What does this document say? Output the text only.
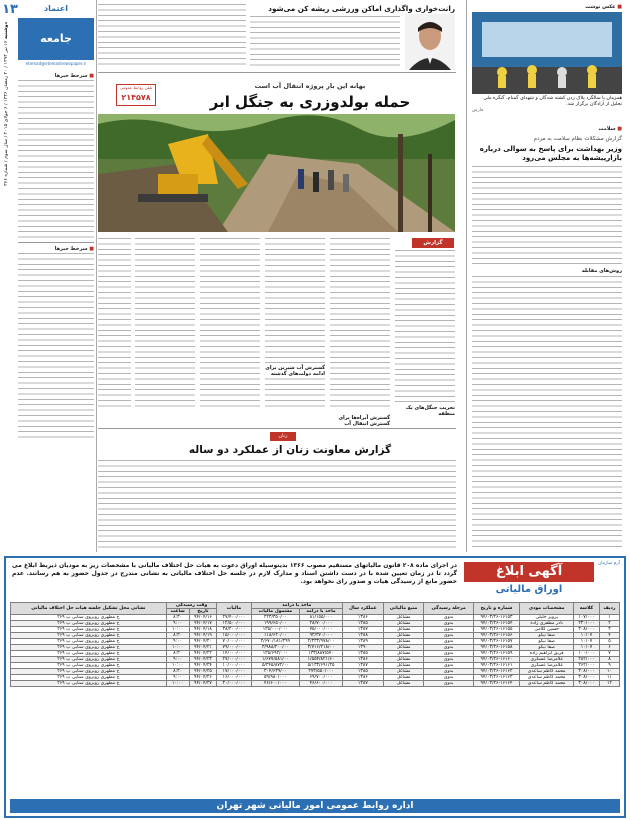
۱۳
دوشنبه ۱۶ تیر ۱۳۹۴ / ۲۰ رمضان ۱۴۳۶ / ۶ جولای ۲۰۱۵ / سال سوم / شماره ۳۶۶
اعتماد
جامعه
etemad@etemadnewspaper.ir
■ سرخط خبرها
■ سرخط خبرها
رانت‌خواری واگذاری اماکن ورزشی ریشه کن می‌شود
تلفن روابط عمومی
۲۱۴۵۷۸
بهانه این بار پروژه انتقال آب است
حمله بولدوزری به جنگل ابر
گزارش
تخریب جنگل‌های یک منطقه
گسترش آبراه‌ها برای گسترش انتقال آب
گسترش آب شیرین برای ادامه دولت‌های گذشته
زنان
گزارش معاونت زنان از عملکرد دو ساله
■ عکس نوشت
همزمان با سالگرد پلاک زدن کشته شدگان و شهدای گمنام، گنگره ملی تجلیل از آزادگان برگزار شد.
فارس
■ سلامت
گزارش مشکلات نظام سلامت به مردم
وزیر بهداشت برای پاسخ به سوالی درباره بازارپیشه‌ها به مجلس می‌رود
روش‌های مقابله
آرم سازمان
آگهی ابلاغ
اوراق مالیاتی
در اجرای ماده ۲۰۸ قانون مالیاتهای مستقیم مصوب ۱۳۶۶ بدینوسیله اوراق دعوت به هیات حل اختلاف مالیاتی با مشخصات زیر به مودیان ذیربط ابلاغ می گردد تا در زمان تعیین شده با در دست داشتن اسناد و مدارک لازم در جلسه حل اختلاف مالیاتی به نشانی مندرج در جدول حضور به هم رسانند. عدم حضور مانع از رسیدگی هیات و صدور رای نخواهد بود.
ردیف	کلاسه	مشخصات مودی	شماره و تاریخ	مرحله رسیدگی	منبع مالیاتی	عملکرد سال	ماخذ یا درآمد		مالیات	وقت رسیدگی		نشانی محل تشکیل جلسه هیات حل اختلاف مالیاتی
							ماخذ یا درآمد	مشمول مالیات		تاریخ	ساعت	
۱	۱۰۷/۰۰۰	پرویز خلیلی	۹۴/۰۳/۲۶-۱۶۱۵۳	بدوی	مشاغل	۱۳۸۶	۸۱/۱۵۵/۰۰۰	۲۲۳/۳۵۰/۰۰	۲۷/۴۰۰/۰۰۰	۹۴/۰۴/۱۶	۸:۳۰	خ مطهری روبروی سنایی پ ۲۶۹
۲	۲۳۰/۰۰۰	نادر مظفری زاده	۹۴/۰۳/۲۶-۱۶۱۵۴	بدوی	مشاغل	۱۳۸۵	۲۸/۷۰۰/۰۰۰	۱۹۹/۶۵۰/۰۰	۱۲/۵۰۰/۰۰۰	۹۴/۰۴/۱۷	۹:۰۰	خ مطهری روبروی سنایی پ ۲۶۹
۳	۳۰۸/۰۰۰	حسین کلامی	۹۴/۰۳/۲۶-۱۶۱۵۵	بدوی	مشاغل	۱۳۸۷	۷۵/۰۰۰/۰۰۰	۱۳۵/۰۰۰/۰۰۰	۳۸/۲۰۰/۰۰۰	۹۴/۰۴/۱۸	۱۰:۰۰	خ مطهری روبروی سنایی پ ۲۶۹
۴	۱۰/۰۷	صفا نیکو	۹۴/۰۳/۲۶-۱۶۱۵۶	بدوی	مشاغل	۱۳۸۸	۹۳/۳۷۰/۰۰۰	۱۱۸/۶۲۰/۰۰	۱۵/۰۰۰/۰۰۰	۹۴/۰۴/۱۹	۸:۳۰	خ مطهری روبروی سنایی پ ۲۶۹
۵	۱۰/۰۷	صفا نیکو	۹۴/۰۳/۲۶-۱۶۱۵۷	بدوی	مشاغل	۱۳۸۹	۲/۳۳۳/۹۷۸/۰۰	۲/۶۷۰/۱۸۱/۲۹۹	۷۰/۰۰۰/۰۰۰	۹۴/۰۴/۲۰	۹:۰۰	خ مطهری روبروی سنایی پ ۲۶۹
۶	۱۰/۰۷	صفا نیکو	۹۴/۰۳/۲۶-۱۶۱۵۸	بدوی	مشاغل	۱۳۹۰	۳/۷۱۶/۲۱۸/۰۰	۳/۹۸۸/۲۰۰/۰۰	۷۹/۰۰۰/۰۰۰	۹۴/۰۴/۲۱	۱۰:۰۰	خ مطهری روبروی سنایی پ ۲۶۹
۷	۱۰۰/۰۰۰	فریق ابراهیم زاده	۹۴/۰۳/۲۶-۱۶۱۵۹	بدوی	مشاغل	۱۳۸۵	۱۳۳/۸۸۷/۵۷۰	۱۳۵/۶۹۲/۰۰۰	۱۴/۰۰۰/۰۰۰	۹۴/۰۴/۲۲	۸:۳۰	خ مطهری روبروی سنایی پ ۲۶۹
۸	۲۸۲/۰۰۰	غلامرضا عسگری	۹۴/۰۳/۲۶-۱۶۱۶۰	بدوی	مشاغل	۱۳۸۶	۱/۵۵۴/۸۲۱/۶۰	۱/۶۷۷/۵۸۱/۰۰	۲۷/۰۰۰/۰۰۰	۹۴/۰۴/۲۳	۹:۰۰	خ مطهری روبروی سنایی پ ۲۶۹
۹	۲۶۲/۰۰۰	غلامرضا عسگری	۹۴/۰۳/۲۶-۱۶۱۶۱	بدوی	مشاغل	۱۳۸۷	۵/۱۳۳/۶۹۱/۲۵	۵/۲۴۵/۸۷۲/۰۰	۱۰/۰۰۰/۰۰۰	۹۴/۰۴/۲۴	۱۰:۰۰	خ مطهری روبروی سنایی پ ۲۶۹
۱۰	۳۰۸/۰۰۰	محمد کاظم ساعدی	۹۴/۰۳/۲۶-۱۶۱۶۲	بدوی	مشاغل	۱۳۸۵	۲۷۳/۵۵۰/۰۰۰	۳۰۴/۶۳۹/۰۰	۱۷/۰۰۰/۰۰۰	۹۴/۰۴/۲۵	۸:۳۰	خ مطهری روبروی سنایی پ ۲۶۹
۱۱	۳۰۸/۰۰۰	محمد کاظم ساعدی	۹۴/۰۳/۲۶-۱۶۱۶۳	بدوی	مشاغل	۱۳۸۶	۶۹/۷۰۰/۰۰۰	۵۹/۹۸۰/۰۰۰	۱۶/۰۰۰/۰۰۰	۹۴/۰۴/۲۶	۹:۰۰	خ مطهری روبروی سنایی پ ۲۶۹
۱۲	۳۰۸/۰۰۰	محمد کاظم ساعدی	۹۴/۰۳/۲۶-۱۶۱۶۴	بدوی	مشاغل	۱۳۸۷	۴۶/۶۰۰/۰۰۰	۴۶/۶۰۰/۰۰۰	۳۰/۰۰۰/۰۰۰	۹۴/۰۴/۲۷	۱۰:۰۰	خ مطهری روبروی سنایی پ ۲۶۹
اداره روابط عمومی امور مالیاتی شهر تهران
